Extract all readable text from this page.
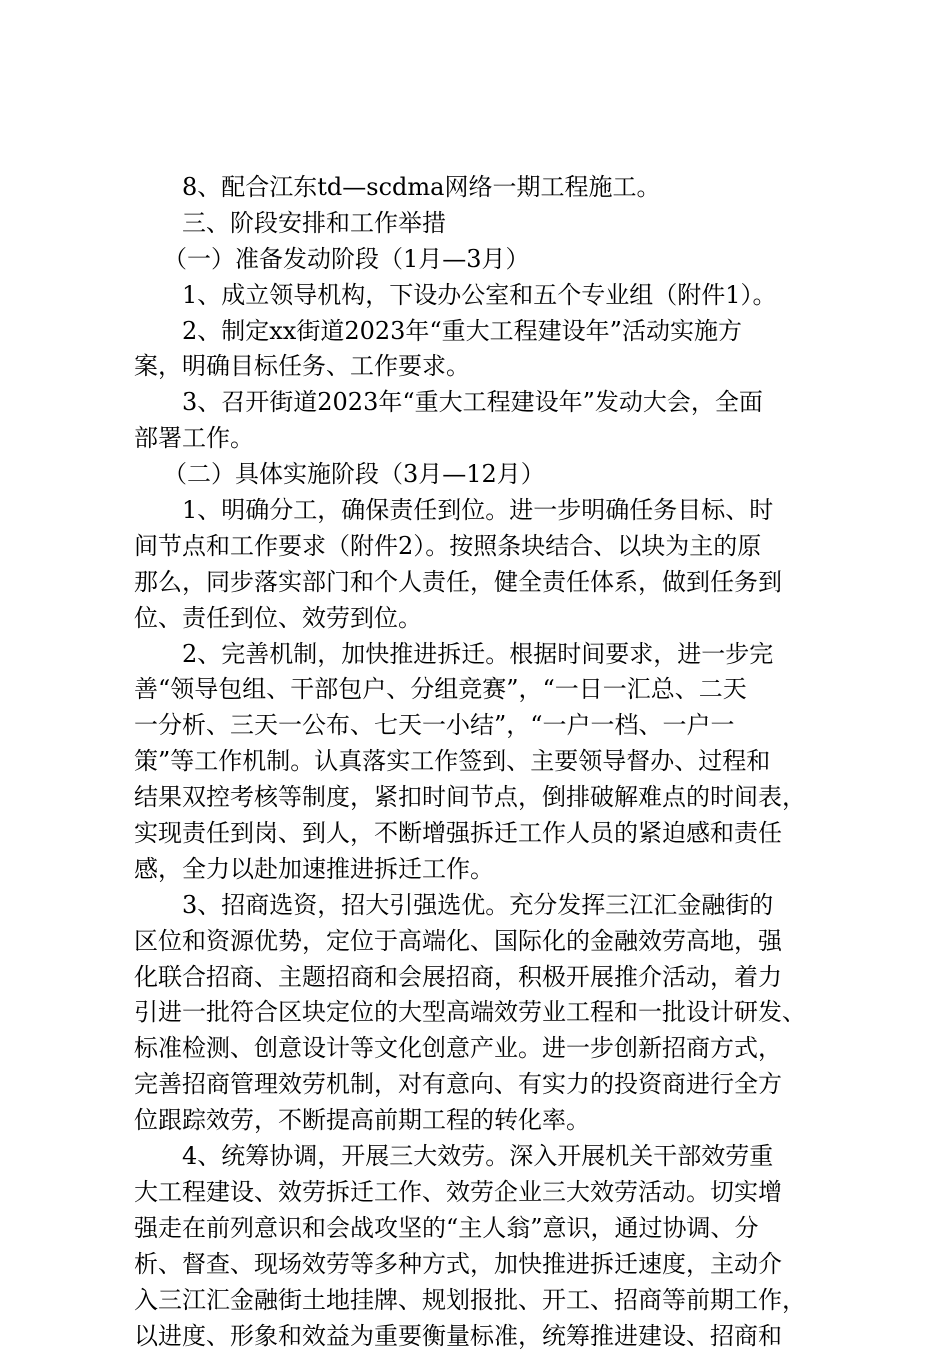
8、配合江东td—scdma网络一期工程施工。
三、阶段安排和工作举措
（一）准备发动阶段（1月—3月）
1、成立领导机构，下设办公室和五个专业组（附件1）。
2、制定xx街道2023年“重大工程建设年”活动实施方
案，明确目标任务、工作要求。
3、召开街道2023年“重大工程建设年”发动大会，全面
部署工作。
（二）具体实施阶段（3月—12月）
1、明确分工，确保责任到位。进一步明确任务目标、时
间节点和工作要求（附件2）。按照条块结合、以块为主的原
那么，同步落实部门和个人责任，健全责任体系，做到任务到
位、责任到位、效劳到位。
2、完善机制，加快推进拆迁。根据时间要求，进一步完
善“领导包组、干部包户、分组竞赛”，“一日一汇总、二天
一分析、三天一公布、七天一小结”，“一户一档、一户一
策”等工作机制。认真落实工作签到、主要领导督办、过程和
结果双控考核等制度，紧扣时间节点，倒排破解难点的时间表，
实现责任到岗、到人，不断增强拆迁工作人员的紧迫感和责任
感，全力以赴加速推进拆迁工作。
3、招商选资，招大引强选优。充分发挥三江汇金融街的
区位和资源优势，定位于高端化、国际化的金融效劳高地，强
化联合招商、主题招商和会展招商，积极开展推介活动，着力
引进一批符合区块定位的大型高端效劳业工程和一批设计研发、
标准检测、创意设计等文化创意产业。进一步创新招商方式，
完善招商管理效劳机制，对有意向、有实力的投资商进行全方
位跟踪效劳，不断提高前期工程的转化率。
4、统筹协调，开展三大效劳。深入开展机关干部效劳重
大工程建设、效劳拆迁工作、效劳企业三大效劳活动。切实增
强走在前列意识和会战攻坚的“主人翁”意识，通过协调、分
析、督查、现场效劳等多种方式，加快推进拆迁速度，主动介
入三江汇金融街土地挂牌、规划报批、开工、招商等前期工作，
以进度、形象和效益为重要衡量标准，统筹推进建设、招商和
